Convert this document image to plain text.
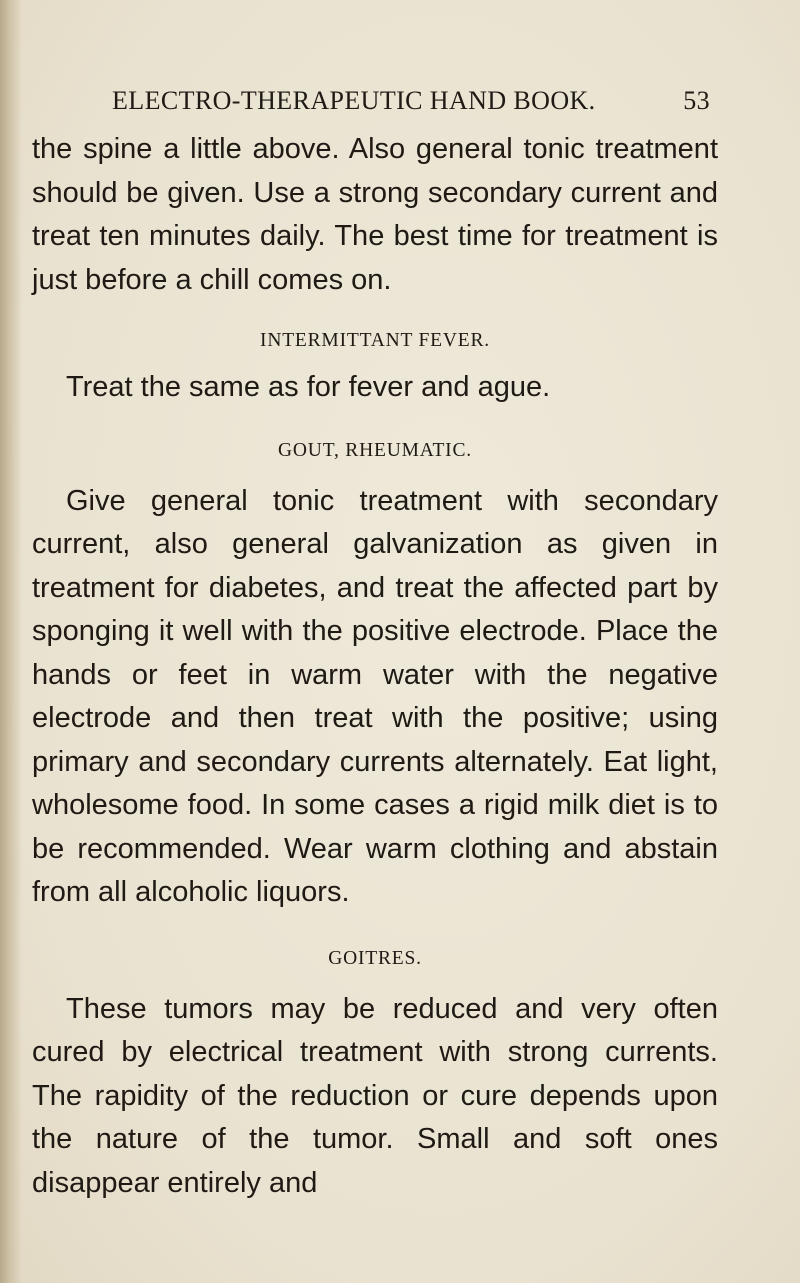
ELECTRO-THERAPEUTIC HAND BOOK.	53

the spine a little above. Also general tonic treatment should be given. Use a strong secondary current and treat ten minutes daily. The best time for treatment is just before a chill comes on.

INTERMITTANT FEVER.

Treat the same as for fever and ague.

GOUT, RHEUMATIC.

Give general tonic treatment with secondary current, also general galvanization as given in treatment for diabetes, and treat the affected part by sponging it well with the positive electrode. Place the hands or feet in warm water with the negative electrode and then treat with the positive; using primary and secondary currents alternately. Eat light, wholesome food. In some cases a rigid milk diet is to be recommended. Wear warm clothing and abstain from all alcoholic liquors.

GOITRES.

These tumors may be reduced and very often cured by electrical treatment with strong currents. The rapidity of the reduction or cure depends upon the nature of the tumor. Small and soft ones disappear entirely and
